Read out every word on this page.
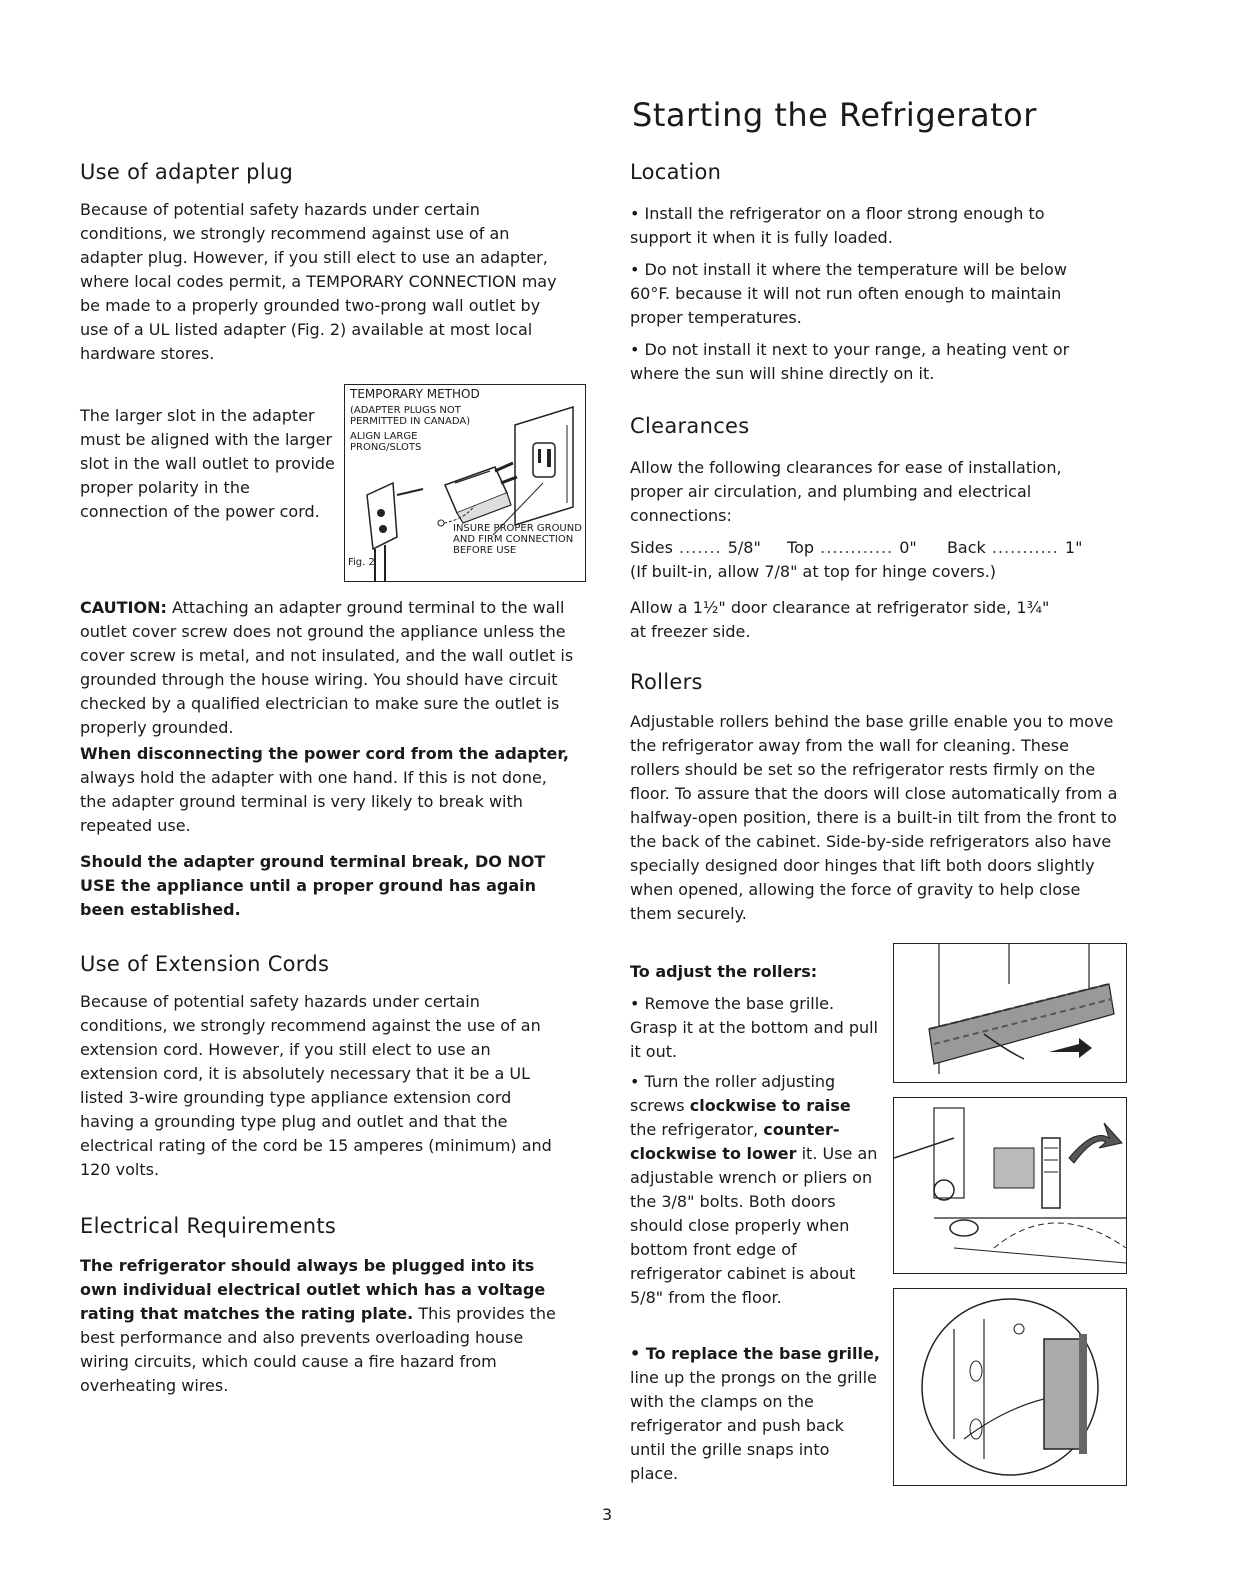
Starting the Refrigerator
Use of adapter plug

Because of potential safety hazards under certain conditions, we strongly recommend against use of an adapter plug. However, if you still elect to use an adapter, where local codes permit, a TEMPORARY CONNECTION may be made to a properly grounded two-prong wall outlet by use of a UL listed adapter (Fig. 2) available at most local hardware stores.

The larger slot in the adapter must be aligned with the larger slot in the wall outlet to provide proper polarity in the connection of the power cord.

TEMPORARY METHOD
(ADAPTER PLUGS NOT PERMITTED IN CANADA)
ALIGN LARGE PRONG/SLOTS
INSURE PROPER GROUND AND FIRM CONNECTION BEFORE USE
Fig. 2

CAUTION: Attaching an adapter ground terminal to the wall outlet cover screw does not ground the appliance unless the cover screw is metal, and not insulated, and the wall outlet is grounded through the house wiring. You should have circuit checked by a qualified electrician to make sure the outlet is properly grounded.

When disconnecting the power cord from the adapter, always hold the adapter with one hand. If this is not done, the adapter ground terminal is very likely to break with repeated use.

Should the adapter ground terminal break, DO NOT USE the appliance until a proper ground has again been established.

Use of Extension Cords

Because of potential safety hazards under certain conditions, we strongly recommend against the use of an extension cord. However, if you still elect to use an extension cord, it is absolutely necessary that it be a UL listed 3-wire grounding type appliance extension cord having a grounding type plug and outlet and that the electrical rating of the cord be 15 amperes (minimum) and 120 volts.

Electrical Requirements

The refrigerator should always be plugged into its own individual electrical outlet which has a voltage rating that matches the rating plate. This provides the best performance and also prevents overloading house wiring circuits, which could cause a fire hazard from overheating wires.

Location

• Install the refrigerator on a floor strong enough to support it when it is fully loaded.

• Do not install it where the temperature will be below 60°F. because it will not run often enough to maintain proper temperatures.

• Do not install it next to your range, a heating vent or where the sun will shine directly on it.

Clearances

Allow the following clearances for ease of installation, proper air circulation, and plumbing and electrical connections:

Sides ....... 5/8" Top ............ 0" Back ........... 1"

(If built-in, allow 7/8" at top for hinge covers.)

Allow a 1½" door clearance at refrigerator side, 1¾" at freezer side.

Rollers

Adjustable rollers behind the base grille enable you to move the refrigerator away from the wall for cleaning. These rollers should be set so the refrigerator rests firmly on the floor. To assure that the doors will close automatically from a halfway-open position, there is a built-in tilt from the front to the back of the cabinet. Side-by-side refrigerators also have specially designed door hinges that lift both doors slightly when opened, allowing the force of gravity to help close them securely.

To adjust the rollers:

• Remove the base grille. Grasp it at the bottom and pull it out.

• Turn the roller adjusting screws clockwise to raise the refrigerator, counter-clockwise to lower it. Use an adjustable wrench or pliers on the 3/8" bolts. Both doors should close properly when bottom front edge of refrigerator cabinet is about 5/8" from the floor.

• To replace the base grille, line up the prongs on the grille with the clamps on the refrigerator and push back until the grille snaps into place.

3
